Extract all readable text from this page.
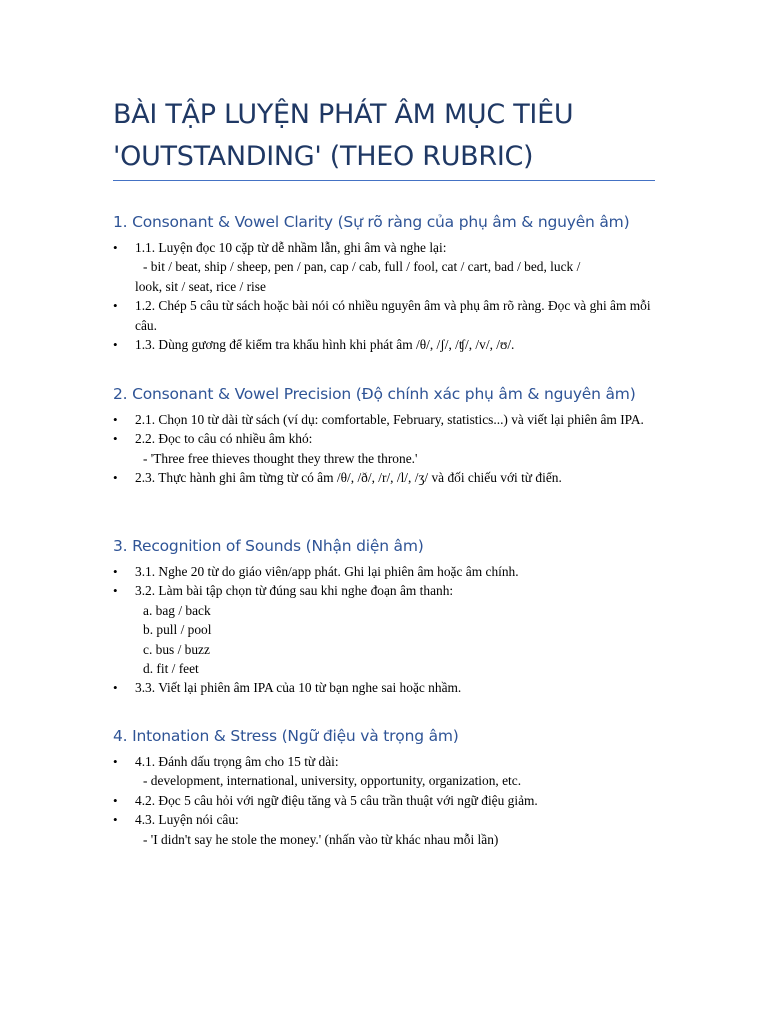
BÀI TẬP LUYỆN PHÁT ÂM MỤC TIÊU
'OUTSTANDING' (THEO RUBRIC)
1. Consonant & Vowel Clarity (Sự rõ ràng của phụ âm & nguyên âm)
• 1.1. Luyện đọc 10 cặp từ dễ nhầm lẫn, ghi âm và nghe lại:
- bit / beat, ship / sheep, pen / pan, cap / cab, full / fool, cat / cart, bad / bed, luck /
look, sit / seat, rice / rise
• 1.2. Chép 5 câu từ sách hoặc bài nói có nhiều nguyên âm và phụ âm rõ ràng. Đọc và ghi âm mỗi câu.
• 1.3. Dùng gương để kiểm tra khẩu hình khi phát âm /θ/, /ʃ/, /ʧ/, /v/, /ʊ/.
2. Consonant & Vowel Precision (Độ chính xác phụ âm & nguyên âm)
• 2.1. Chọn 10 từ dài từ sách (ví dụ: comfortable, February, statistics...) và viết lại phiên âm IPA.
• 2.2. Đọc to câu có nhiều âm khó:
- 'Three free thieves thought they threw the throne.'
• 2.3. Thực hành ghi âm từng từ có âm /θ/, /ð/, /r/, /l/, /ʒ/ và đối chiếu với từ điển.
3. Recognition of Sounds (Nhận diện âm)
• 3.1. Nghe 20 từ do giáo viên/app phát. Ghi lại phiên âm hoặc âm chính.
• 3.2. Làm bài tập chọn từ đúng sau khi nghe đoạn âm thanh:
a. bag / back
b. pull / pool
c. bus / buzz
d. fit / feet
• 3.3. Viết lại phiên âm IPA của 10 từ bạn nghe sai hoặc nhầm.
4. Intonation & Stress (Ngữ điệu và trọng âm)
• 4.1. Đánh dấu trọng âm cho 15 từ dài:
- development, international, university, opportunity, organization, etc.
• 4.2. Đọc 5 câu hỏi với ngữ điệu tăng và 5 câu trần thuật với ngữ điệu giảm.
• 4.3. Luyện nói câu:
- 'I didn't say he stole the money.' (nhấn vào từ khác nhau mỗi lần)
